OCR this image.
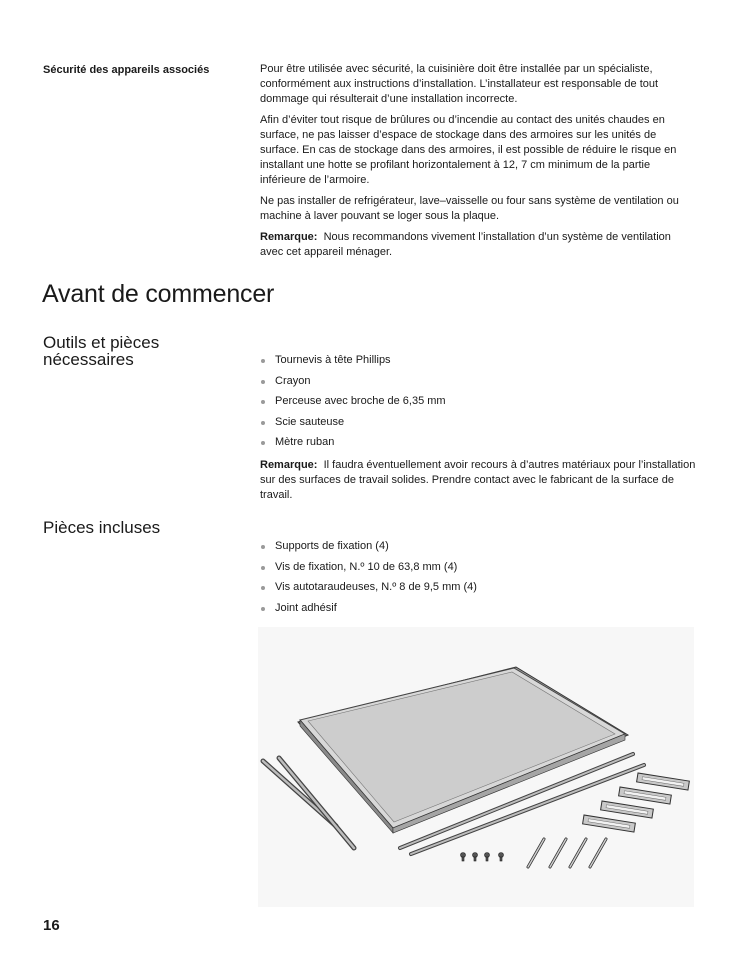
Sécurité des appareils associés	Pour être utilisée avec sécurité, la cuisinière doit être installée par un spécialiste, conformément aux instructions d’installation. L’installateur est responsable de tout dommage qui résulterait d’une installation incorrecte.

Afin d’éviter tout risque de brûlures ou d’incendie au contact des unités chaudes en surface, ne pas laisser d’espace de stockage dans des armoires sur les unités de surface. En cas de stockage dans des armoires, il est possible de réduire le risque en installant une hotte se profilant horizontalement à 12, 7 cm minimum de la partie inférieure de l’armoire.

Ne pas installer de refrigérateur, lave–vaisselle ou four sans système de ventilation ou machine à laver pouvant se loger sous la plaque.

Remarque: Nous recommandons vivement l’installation d’un système de ventilation avec cet appareil ménager.

Avant de commencer
Outils et pièces
nécessaires	Tournevis à tête Phillips
Crayon
Perceuse avec broche de 6,35 mm
Scie sauteuse
Mètre ruban

Remarque: Il faudra éventuellement avoir recours à d’autres matériaux pour l’installation sur des surfaces de travail solides. Prendre contact avec le fabricant de la surface de travail.

Pièces incluses
Supports de fixation (4)
Vis de fixation, N.º 10 de 63,8 mm (4)
Vis autotaraudeuses, N.º 8 de 9,5 mm (4)
Joint adhésif
16
